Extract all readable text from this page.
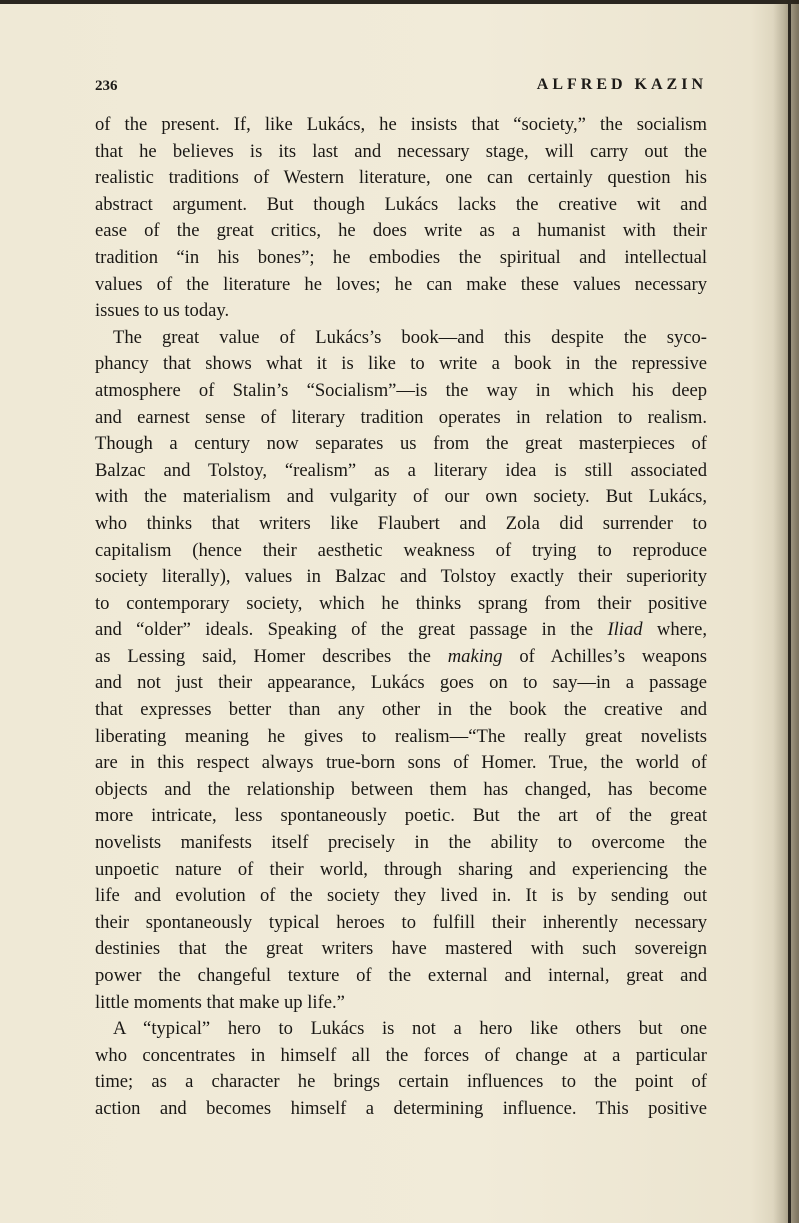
236	ALFRED KAZIN
of the present. If, like Lukács, he insists that “society,” the socialism
that he believes is its last and necessary stage, will carry out the
realistic traditions of Western literature, one can certainly question his
abstract argument. But though Lukács lacks the creative wit and
ease of the great critics, he does write as a humanist with their
tradition “in his bones”; he embodies the spiritual and intellectual
values of the literature he loves; he can make these values necessary
issues to us today.
The great value of Lukács’s book—and this despite the syco-
phancy that shows what it is like to write a book in the repressive
atmosphere of Stalin’s “Socialism”—is the way in which his deep
and earnest sense of literary tradition operates in relation to realism.
Though a century now separates us from the great masterpieces of
Balzac and Tolstoy, “realism” as a literary idea is still associated
with the materialism and vulgarity of our own society. But Lukács,
who thinks that writers like Flaubert and Zola did surrender to
capitalism (hence their aesthetic weakness of trying to reproduce
society literally), values in Balzac and Tolstoy exactly their superiority
to contemporary society, which he thinks sprang from their positive
and “older” ideals. Speaking of the great passage in the Iliad where,
as Lessing said, Homer describes the making of Achilles’s weapons
and not just their appearance, Lukács goes on to say—in a passage
that expresses better than any other in the book the creative and
liberating meaning he gives to realism—“The really great novelists
are in this respect always true-born sons of Homer. True, the world of
objects and the relationship between them has changed, has become
more intricate, less spontaneously poetic. But the art of the great
novelists manifests itself precisely in the ability to overcome the
unpoetic nature of their world, through sharing and experiencing the
life and evolution of the society they lived in. It is by sending out
their spontaneously typical heroes to fulfill their inherently necessary
destinies that the great writers have mastered with such sovereign
power the changeful texture of the external and internal, great and
little moments that make up life.”
A “typical” hero to Lukács is not a hero like others but one
who concentrates in himself all the forces of change at a particular
time; as a character he brings certain influences to the point of
action and becomes himself a determining influence. This positive
